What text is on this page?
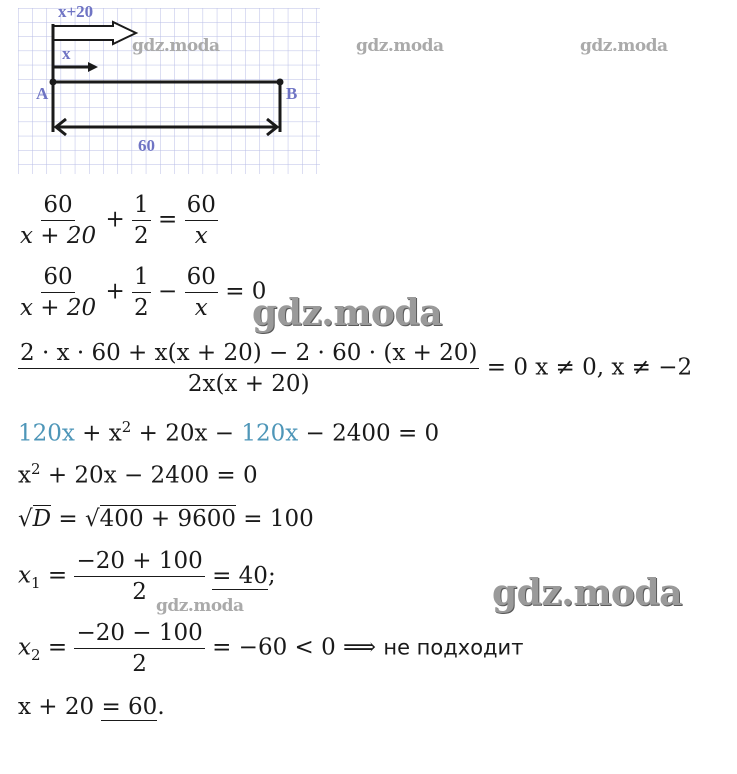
x+20
x
A	B
60
gdz.moda	gdz.moda	gdz.moda
gdz.moda
gdz.moda
gdz.moda
$\frac{60}{x + 20} + \frac{1}{2} = \frac{60}{x}$
$\frac{60}{x + 20} + \frac{1}{2} - \frac{60}{x} = 0$
$\frac{2 \cdot x \cdot 60 + x(x + 20) - 2 \cdot 60 \cdot (x + 20)}{2x(x + 20)} = 0$ x ≠ 0, x ≠ −2
$120x + x^2 + 20x - 120x - 2400 = 0$
$x^2 + 20x - 2400 = 0$
√D = √400 + 9600 = 100
$x_1 = \frac{-20 + 100}{2} = 40$;
$x_2 = \frac{-20 - 100}{2} = -60 < 0$ ⟹ не подходит
x + 20 = 60.
